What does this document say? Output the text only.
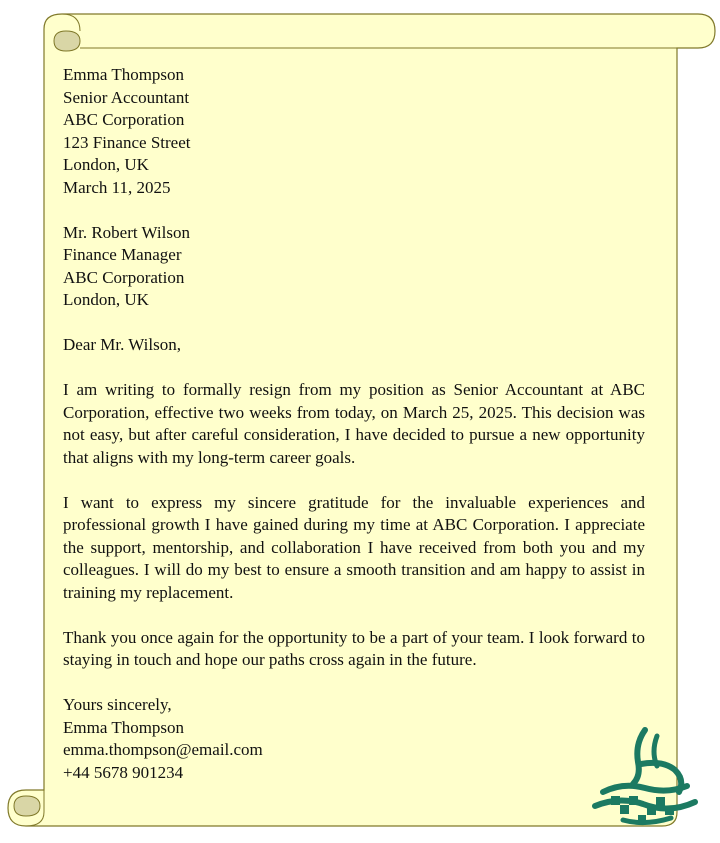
Emma Thompson
Senior Accountant
ABC Corporation
123 Finance Street
London, UK
March 11, 2025
Mr. Robert Wilson
Finance Manager
ABC Corporation
London, UK

Dear Mr. Wilson,

I am writing to formally resign from my position as Senior Accountant at ABC Corporation, effective two weeks from today, on March 25, 2025. This decision was not easy, but after careful consideration, I have decided to pursue a new opportunity that aligns with my long-term career goals.

I want to express my sincere gratitude for the invaluable experiences and professional growth I have gained during my time at ABC Corporation. I appreciate the support, mentorship, and collaboration I have received from both you and my colleagues. I will do my best to ensure a smooth transition and am happy to assist in training my replacement.

Thank you once again for the opportunity to be a part of your team. I look forward to staying in touch and hope our paths cross again in the future.

Yours sincerely,
Emma Thompson
emma.thompson@email.com
+44 5678 901234
